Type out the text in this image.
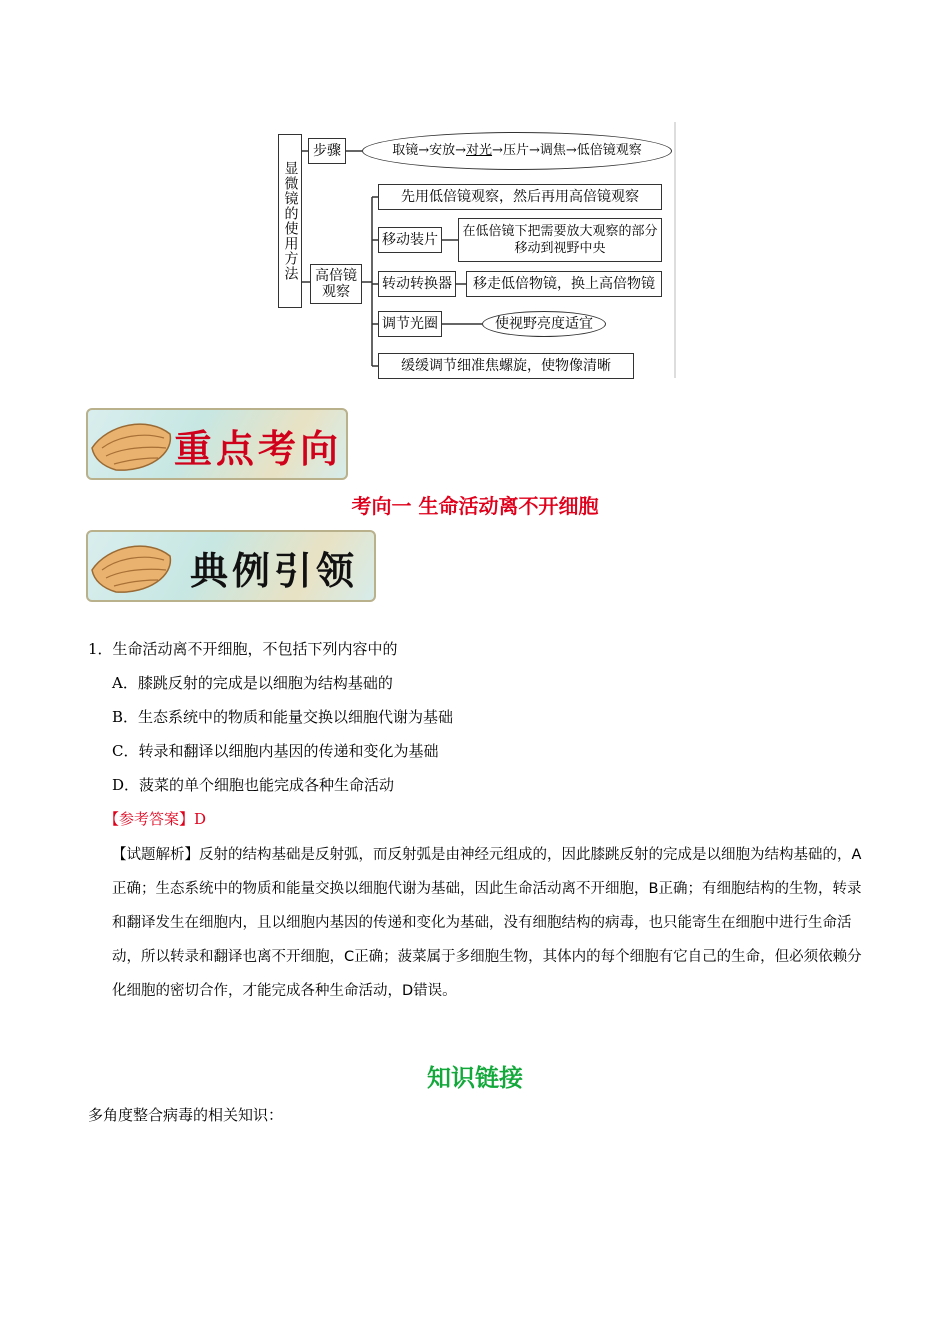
显微镜的使用方法
步骤	取镜 → 安放 → 对光 → 压片 → 调焦 → 低倍镜观察
高倍镜观察
先用低倍镜观察，然后再用高倍镜观察
移动装片
在低倍镜下把需要放大观察的部分移动到视野中央
转动转换器	移走低倍物镜，换上高倍物镜
调节光圈	使视野亮度适宜
缓缓调节细准焦螺旋，使物像清晰
重点考向
考向一 生命活动离不开细胞
典例引领
1．生命活动离不开细胞，不包括下列内容中的
A．膝跳反射的完成是以细胞为结构基础的
B．生态系统中的物质和能量交换以细胞代谢为基础
C．转录和翻译以细胞内基因的传递和变化为基础
D．菠菜的单个细胞也能完成各种生命活动
【参考答案】D
【试题解析】反射的结构基础是反射弧，而反射弧是由神经元组成的，因此膝跳反射的完成是以细胞为结构基础的，A正确；生态系统中的物质和能量交换以细胞代谢为基础，因此生命活动离不开细胞，B正确；有细胞结构的生物，转录和翻译发生在细胞内，且以细胞内基因的传递和变化为基础，没有细胞结构的病毒，也只能寄生在细胞中进行生命活动，所以转录和翻译也离不开细胞，C正确；菠菜属于多细胞生物，其体内的每个细胞有它自己的生命，但必须依赖分化细胞的密切合作，才能完成各种生命活动，D错误。
知识链接
多角度整合病毒的相关知识：
